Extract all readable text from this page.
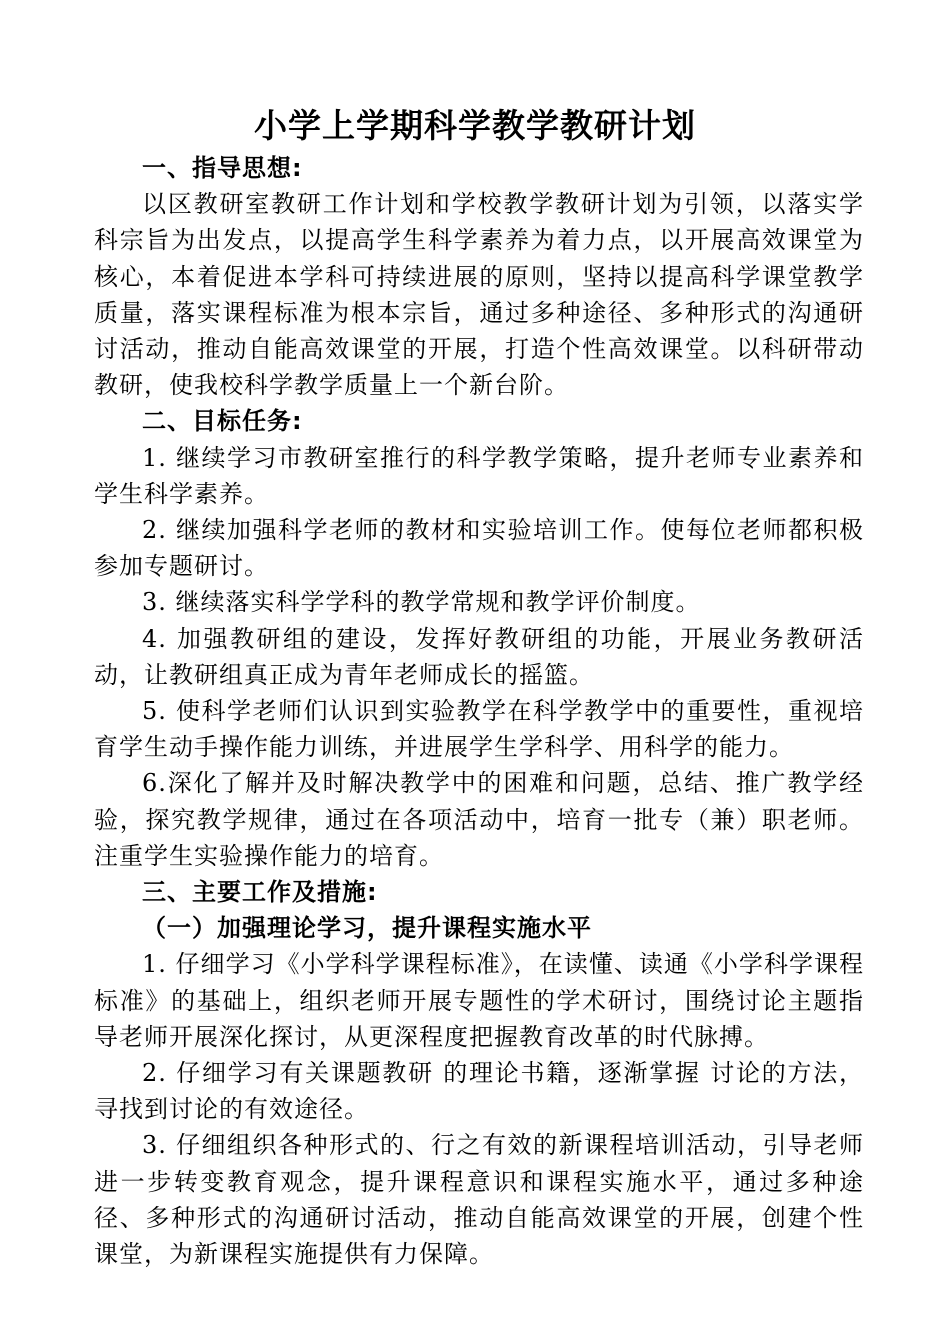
小学上学期科学教学教研计划

一、指导思想:

以区教研室教研工作计划和学校教学教研计划为引领，以落实学科宗旨为出发点，以提高学生科学素养为着力点，以开展高效课堂为核心，本着促进本学科可持续进展的原则，坚持以提高科学课堂教学质量，落实课程标准为根本宗旨，通过多种途径、多种形式的沟通研讨活动，推动自能高效课堂的开展，打造个性高效课堂。以科研带动教研，使我校科学教学质量上一个新台阶。

二、目标任务:

1. 继续学习市教研室推行的科学教学策略，提升老师专业素养和学生科学素养。

2. 继续加强科学老师的教材和实验培训工作。使每位老师都积极参加专题研讨。

3. 继续落实科学学科的教学常规和教学评价制度。

4. 加强教研组的建设，发挥好教研组的功能，开展业务教研活动，让教研组真正成为青年老师成长的摇篮。

5. 使科学老师们认识到实验教学在科学教学中的重要性，重视培育学生动手操作能力训练，并进展学生学科学、用科学的能力。

6.深化了解并及时解决教学中的困难和问题，总结、推广教学经验，探究教学规律，通过在各项活动中，培育一批专（兼）职老师。注重学生实验操作能力的培育。

三、主要工作及措施:

（一）加强理论学习，提升课程实施水平

1. 仔细学习《小学科学课程标准》，在读懂、读通《小学科学课程标准》的基础上，组织老师开展专题性的学术研讨，围绕讨论主题指导老师开展深化探讨，从更深程度把握教育改革的时代脉搏。

2. 仔细学习有关课题教研 的理论书籍，逐渐掌握 讨论的方法，寻找到讨论的有效途径。

3. 仔细组织各种形式的、行之有效的新课程培训活动，引导老师进一步转变教育观念，提升课程意识和课程实施水平，通过多种途径、多种形式的沟通研讨活动，推动自能高效课堂的开展，创建个性课堂，为新课程实施提供有力保障。
